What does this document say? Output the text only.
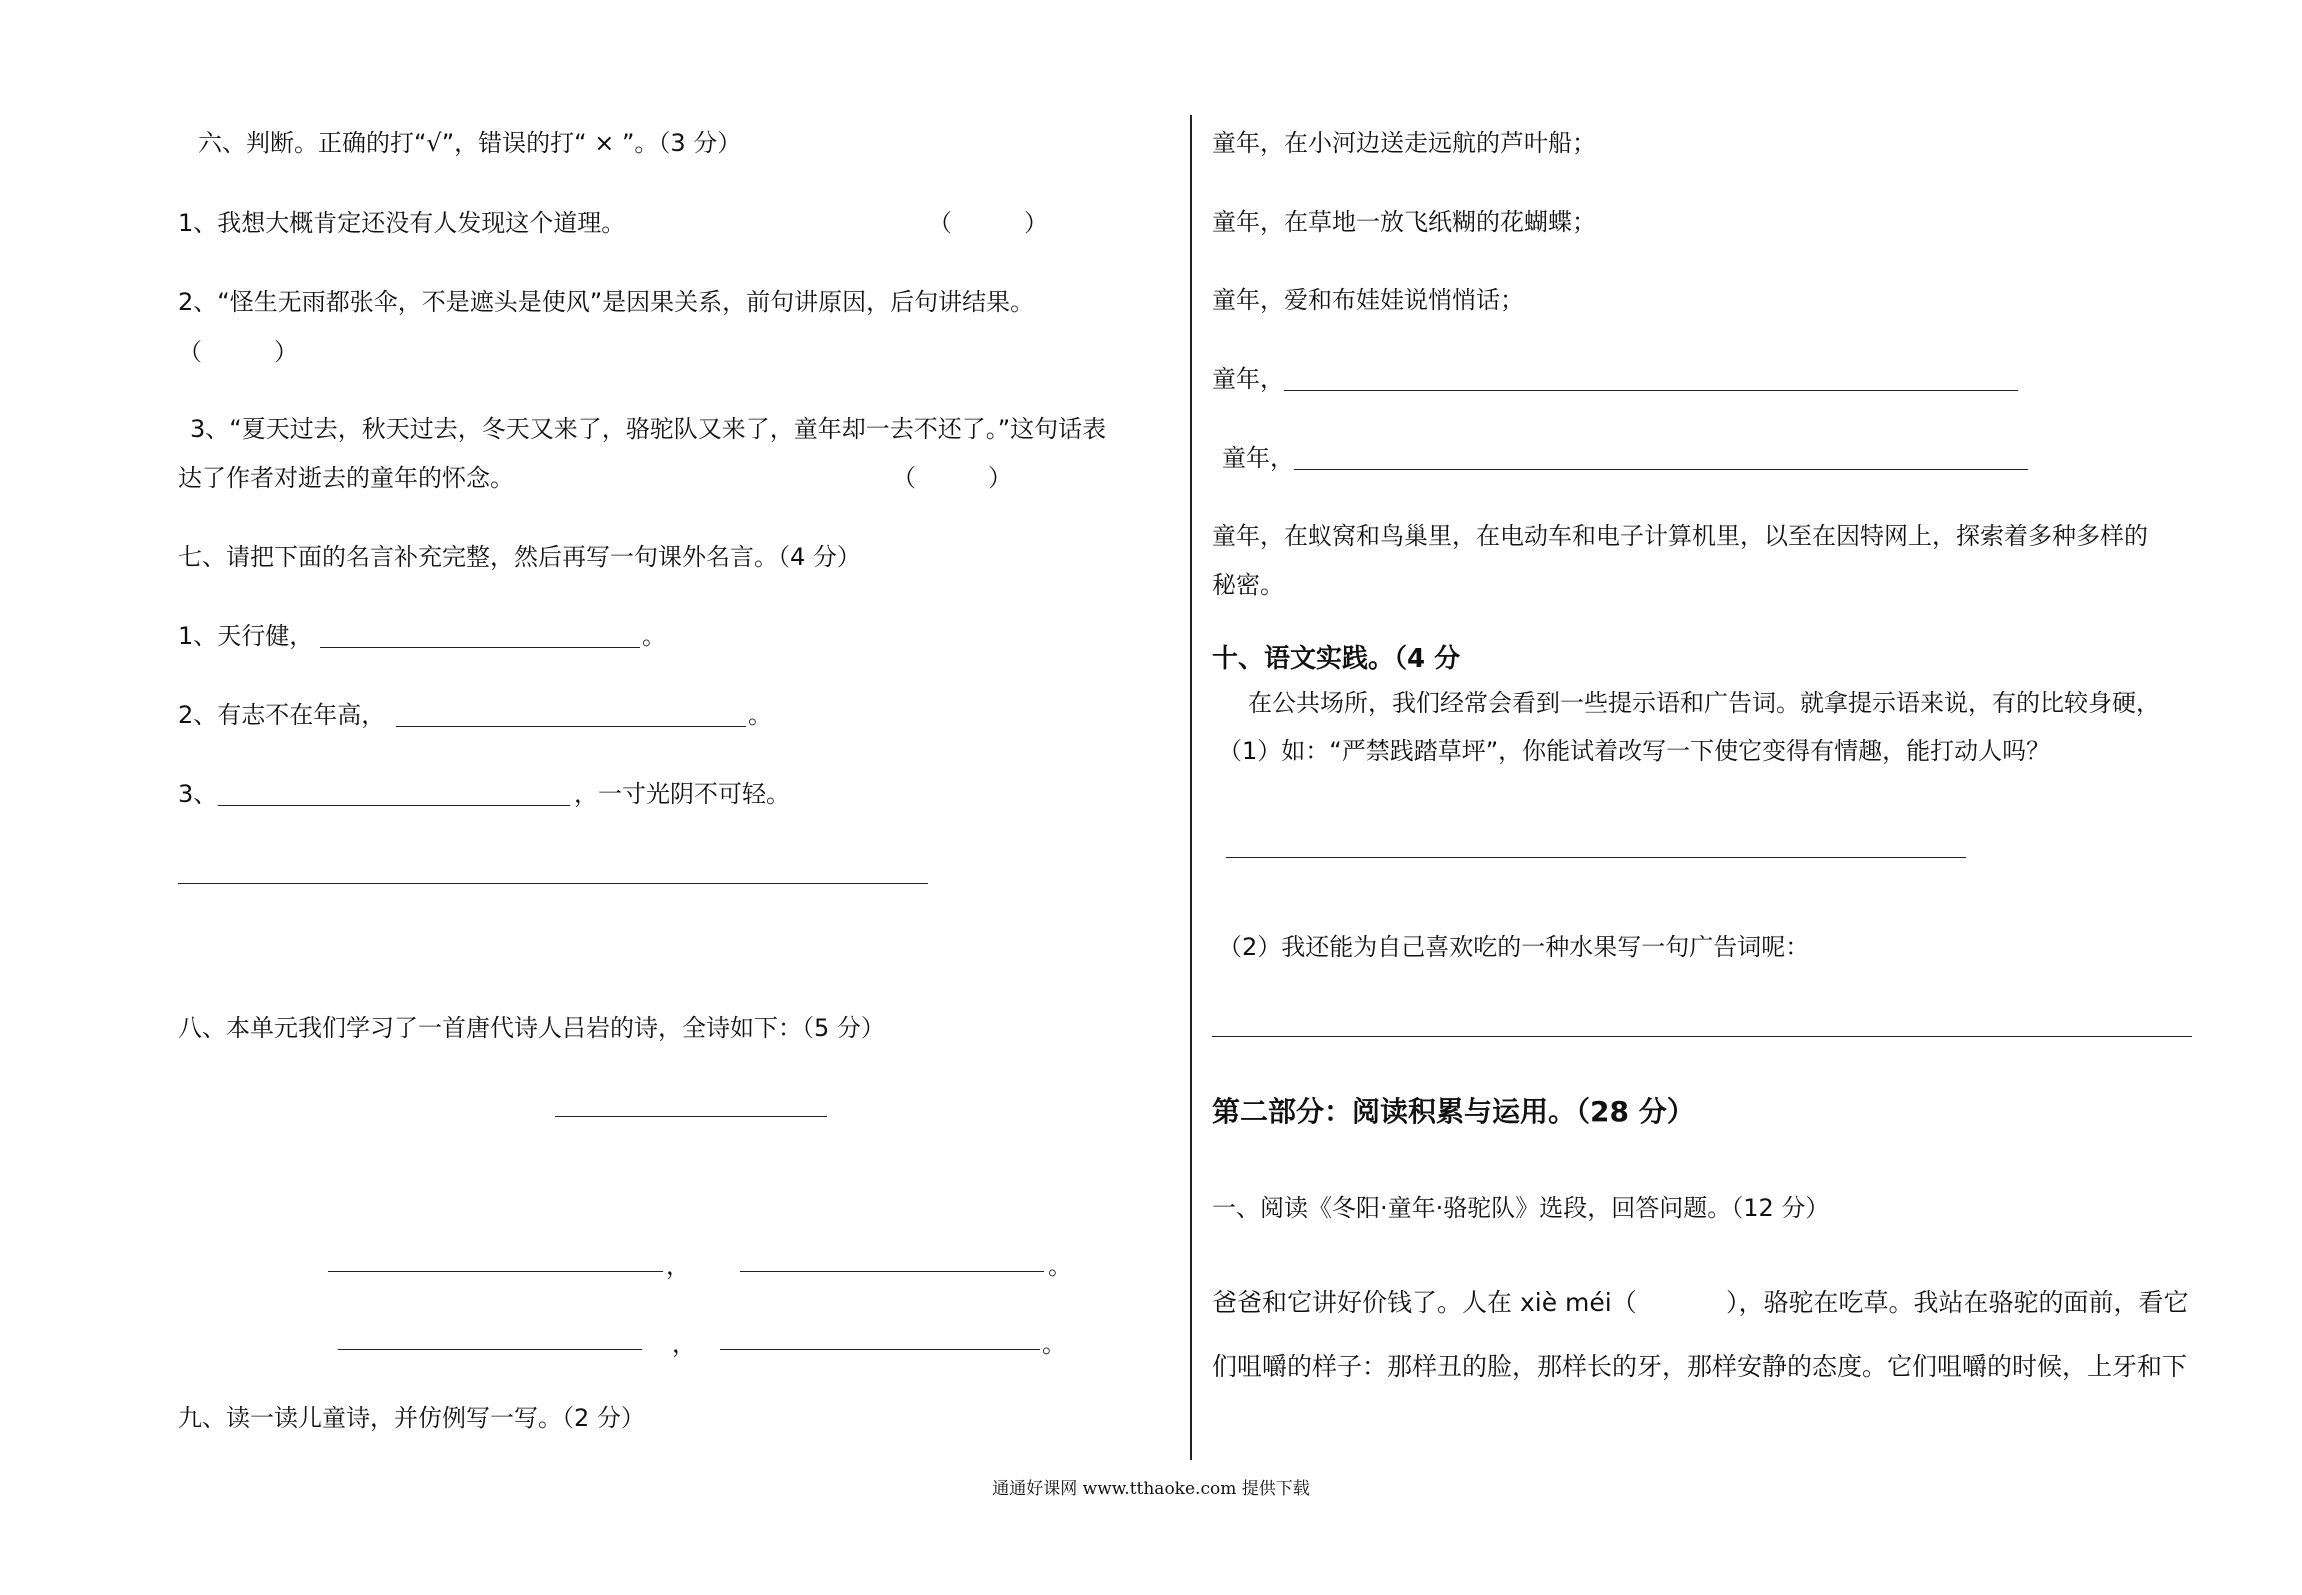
六、判断。正确的打“√”，错误的打“ × ”。（3 分）
1、我想大概肯定还没有人发现这个道理。	（　　　）
2、“怪生无雨都张伞，不是遮头是使风”是因果关系，前句讲原因，后句讲结果。
（　　　）
3、“夏天过去，秋天过去，冬天又来了，骆驼队又来了，童年却一去不还了。”这句话表
达了作者对逝去的童年的怀念。	（　　　）
七、请把下面的名言补充完整，然后再写一句课外名言。（4 分）
1、天行健，	。
2、有志不在年高，	。
3、	，一寸光阴不可轻。
八、本单元我们学习了一首唐代诗人吕岩的诗，全诗如下：（5 分）
，	。
，	。
九、读一读儿童诗，并仿例写一写。（2 分）
童年，在小河边送走远航的芦叶船；
童年，在草地一放飞纸糊的花蝴蝶；
童年，爱和布娃娃说悄悄话；
童年，
童年，
童年，在蚁窝和鸟巢里，在电动车和电子计算机里，以至在因特网上，探索着多种多样的
秘密。
十、语文实践。（4 分
在公共场所，我们经常会看到一些提示语和广告词。就拿提示语来说，有的比较身硬，
（1）如：“严禁践踏草坪”，你能试着改写一下使它变得有情趣，能打动人吗？
（2）我还能为自己喜欢吃的一种水果写一句广告词呢：
第二部分：阅读积累与运用。（28 分）
一、阅读《冬阳·童年·骆驼队》选段，回答问题。（12 分）
爸爸和它讲好价钱了。人在 xiè méi（	），骆驼在吃草。我站在骆驼的面前，看它
们咀嚼的样子：那样丑的脸，那样长的牙，那样安静的态度。它们咀嚼的时候，上牙和下
通通好课网 www.tthaoke.com 提供下载
